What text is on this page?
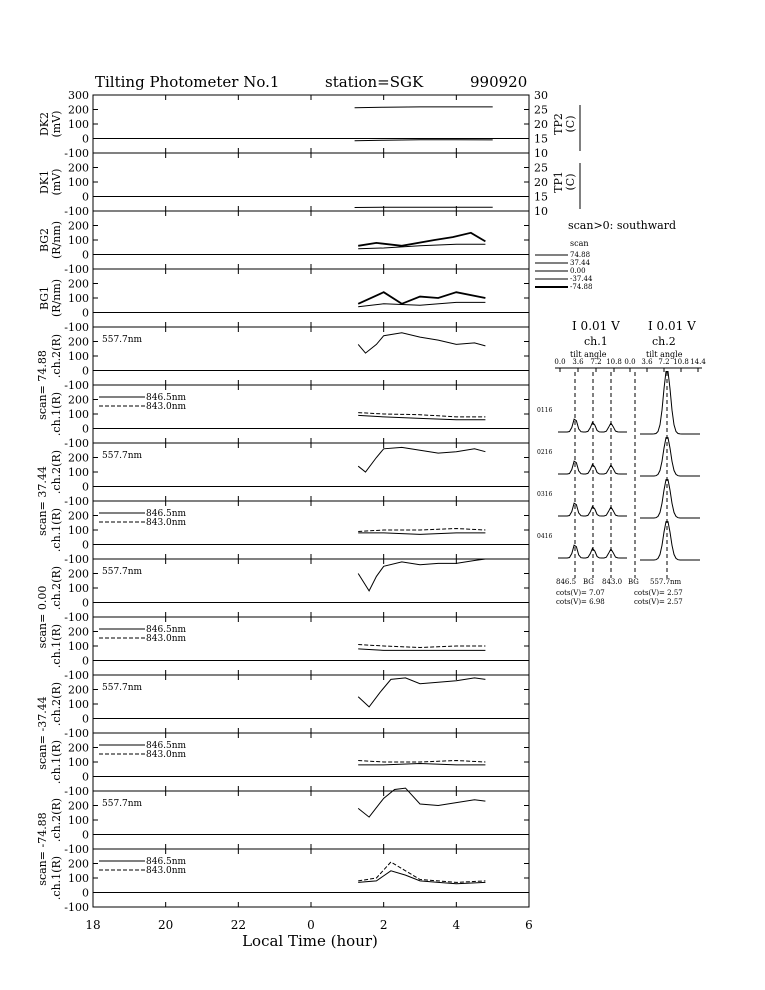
Tilting Photometer No.1	station=SGK	990920
300
200
100
0
-100
200
100
0
-100
200
100
0
-100
200
100
0
-100
200
100
0
-100
200
100
0
-100
200
100
0
-100
200
100
0
-100
200
100
0
-100
200
100
0
-100
200
100
0
-100
200
100
0
-100
200
100
0
-100
200
100
0
-100
30
25
20
15
10
25
20
15
10
DK2 (mV)
DK1 (mV)
BG2 (R/nm)
BG1 (R/nm)
TP2 (C)
TP1 (C)
scan= 74.88 .ch.2(R)
.ch.1(R)
557.7nm
846.5nm
843.0nm
scan= 37.44 .ch.2(R)
.ch.1(R)
557.7nm
846.5nm
843.0nm
scan= 0.00 .ch.2(R)
.ch.1(R)
557.7nm
846.5nm
843.0nm
scan= -37.44 .ch.2(R)
.ch.1(R)
557.7nm
846.5nm
843.0nm
scan= -74.88 .ch.2(R)
.ch.1(R)
557.7nm
846.5nm
843.0nm
18	20	22	0	2	4	6
Local Time (hour)
scan>0: southward
scan
74.88
37.44
0.00
-37.44
-74.88
I 0.01 V I 0.01 V
ch.1	ch.2
tilt angle	tilt angle
846.5 BG 843.0 BG 557.7nm
cots(V)= 7.07
cots(V)= 6.98
cots(V)= 2.57
cots(V)= 2.57
0.0 3.6 7.2 10.8 0.0 3.6 7.2 10.8 14.4
0116
0216
0316
0416
